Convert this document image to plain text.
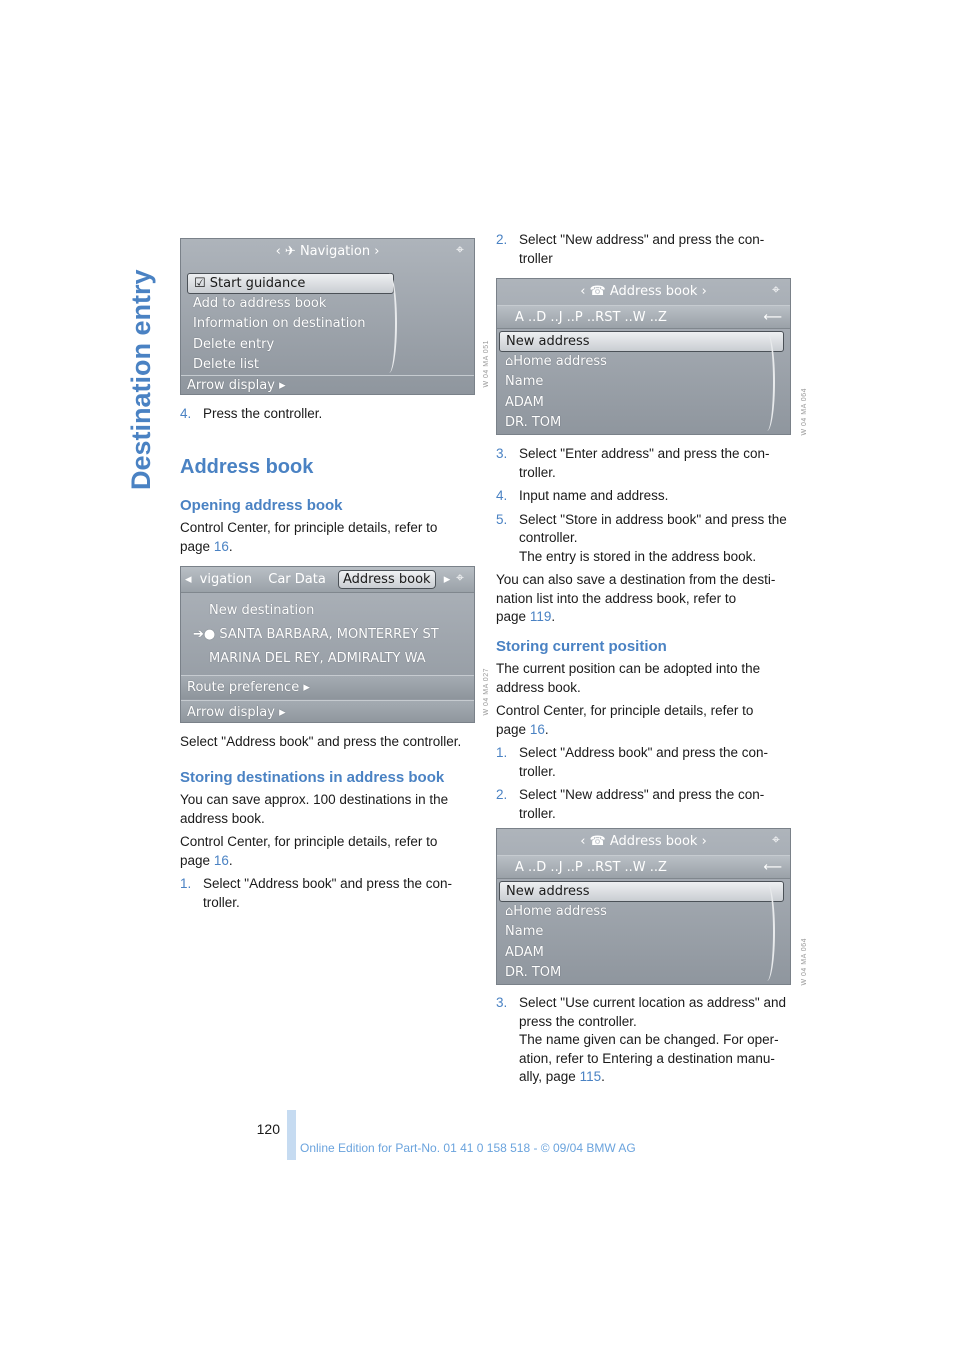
Destination entry
‹ ✈ Navigation ›	⌖
☑ Start guidance
Add to address book
Information on destination
Delete entry
Delete list
Arrow display ▸	W 04 MA 051
4. Press the controller.
Address book
Opening address book

Control Center, for principle details, refer to page 16.

◂ vigation Car Data Address book ▸ ⌖
New destination
➔● SANTA BARBARA, MONTERREY ST
MARINA DEL REY, ADMIRALTY WA
Route preference ▸
Arrow display ▸	W 04 MA 027

Select "Address book" and press the controller.

Storing destinations in address book

You can save approx. 100 destinations in the address book.

Control Center, for principle details, refer to page 16.

1. Select "Address book" and press the con-troller.
2. Select "New address" and press the con-troller
‹ ☎ Address book ›	⌖
A ..D ..J ..P ..RST ..W ..Z	⟵
New address
⌂Home address
Name
ADAM
DR. TOM	W 04 MA 064
3. Select "Enter address" and press the con-troller.
4. Input name and address.
5. Select "Store in address book" and press the controller.
The entry is stored in the address book.

You can also save a destination from the desti-nation list into the address book, refer to page 119.

Storing current position

The current position can be adopted into the address book.

Control Center, for principle details, refer to page 16.

1. Select "Address book" and press the con-troller.
2. Select "New address" and press the con-troller.
‹ ☎ Address book ›	⌖
A ..D ..J ..P ..RST ..W ..Z	⟵
New address
⌂Home address
Name
ADAM
DR. TOM	W 04 MA 064
3. Select "Use current location as address" and press the controller.
The name given can be changed. For oper-ation, refer to Entering a destination manu-ally, page 115.
120
Online Edition for Part-No. 01 41 0 158 518 - © 09/04 BMW AG
